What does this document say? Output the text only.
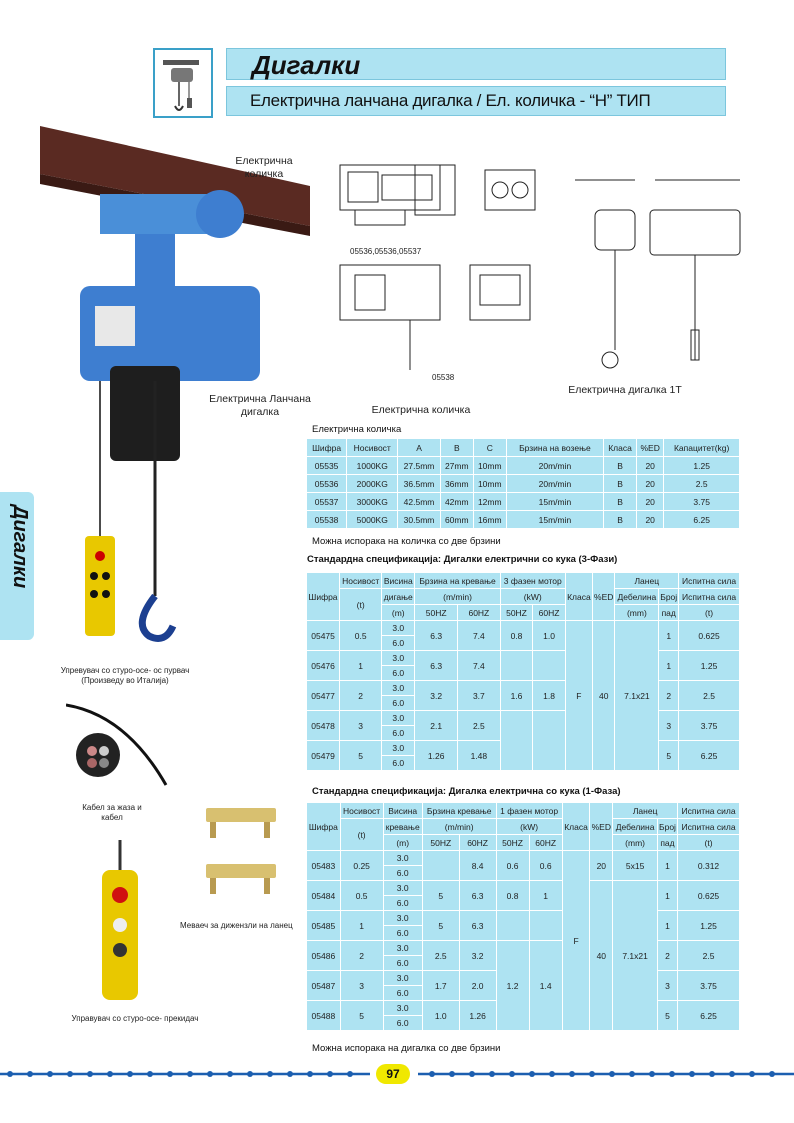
Дигалки
Електрична ланчана дигалка / Ел. количка - “Н” ТИП
Дигалки
Електрична количка
Електрична Ланчана дигалка
05536,05536,05537
05538
Електрична количка
Електрична дигалка 1Т
Електрична количка
Шифра	Носивост	A	B	C	Брзина на возење	Класа	%ED	Капацитет(kg)
05535	1000KG	27.5mm	27mm	10mm	20m/min	B	20	1.25
05536	2000KG	36.5mm	36mm	10mm	20m/min	B	20	2.5
05537	3000KG	42.5mm	42mm	12mm	15m/min	B	20	3.75
05538	5000KG	30.5mm	60mm	16mm	15m/min	B	20	6.25
Можна испорака на количка со две брзини
Стандардна спецификација: Дигалки електрични со кука (3-Фази)
Шифра	Носивост	Висина	Брзина на кревање		3 фазен мотор		Класа	%ED	Ланец		Испитна сила
	(t)	дигање	(m/min)		(kW)				Дебелина	Број	Испитна сила
		(m)	50HZ	60HZ	50HZ	60HZ			(mm)	пад	(t)
05475	0.5	3.0	6.3	7.4	0.8	1.0	F	40	7.1x21	1	0.625
		6.0									
05476	1	3.0	6.3	7.4						1	1.25
		6.0									
05477	2	3.0	3.2	3.7	1.6	1.8				2	2.5
		6.0									
05478	3	3.0	2.1	2.5						3	3.75
		6.0									
05479	5	3.0	1.26	1.48						5	6.25
		6.0									
Стандардна спецификација: Дигалка електрична со кука (1-Фаза)
Шифра	Носивост	Висина	Брзина кревање		1 фазен мотор		Класа	%ED	Ланец		Испитна сила
	(t)	кревање	(m/min)		(kW)				Дебелина	Број	Испитна сила
		(m)	50HZ	60HZ	50HZ	60HZ			(mm)	пад	(t)
05483	0.25	3.0		8.4	0.6	0.6	F	20	5x15	1	0.312
		6.0									
05484	0.5	3.0	5	6.3	0.8	1		40	7.1x21	1	0.625
		6.0									
05485	1	3.0	5	6.3						1	1.25
		6.0									
05486	2	3.0	2.5	3.2	1.2	1.4				2	2.5
		6.0									
05487	3	3.0	1.7	2.0						3	3.75
		6.0									
05488	5	3.0	1.0	1.26						5	6.25
		6.0									
Можна испорака на дигалка со две брзини
Упревувач со стуро-осе- ос пурвач (Произведу во Италија)
Кабел за жаза и кабел
Меваеч за дижензли на ланец
Управувач со стуро-осе- прекидач
97
